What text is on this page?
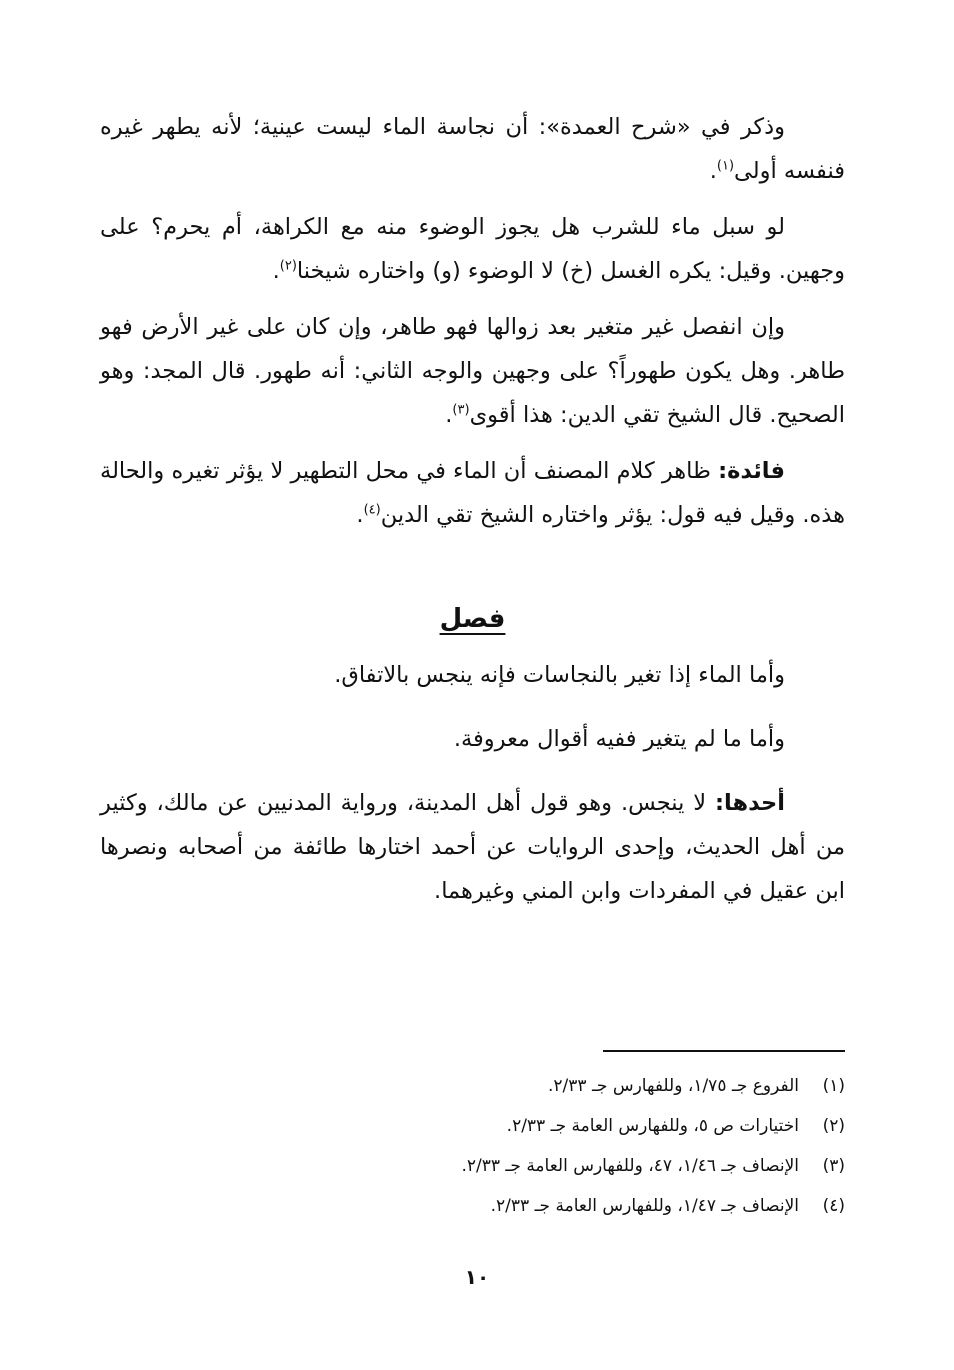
وذكر في «شرح العمدة»: أن نجاسة الماء ليست عينية؛ لأنه يطهر غيره فنفسه أولى$^{(١)}$.

لو سبل ماء للشرب هل يجوز الوضوء منه مع الكراهة، أم يحرم؟ على وجهين. وقيل: يكره الغسل (خ) لا الوضوء (و) واختاره شيخنا$^{(٢)}$.

وإن انفصل غير متغير بعد زوالها فهو طاهر، وإن كان على غير الأرض فهو طاهر. وهل يكون طهوراً؟ على وجهين والوجه الثاني: أنه طهور. قال المجد: وهو الصحيح. قال الشيخ تقي الدين: هذا أقوى$^{(٣)}$.

فائدة: ظاهر كلام المصنف أن الماء في محل التطهير لا يؤثر تغيره والحالة هذه. وقيل فيه قول: يؤثر واختاره الشيخ تقي الدين$^{(٤)}$.

فصل

وأما الماء إذا تغير بالنجاسات فإنه ينجس بالاتفاق.

وأما ما لم يتغير ففيه أقوال معروفة.

أحدها: لا ينجس. وهو قول أهل المدينة، ورواية المدنيين عن مالك، وكثير من أهل الحديث، وإحدى الروايات عن أحمد اختارها طائفة من أصحابه ونصرها ابن عقيل في المفردات وابن المني وغيرهما.

(١)
الفروع جـ ١/٧٥، وللفهارس جـ ٢/٣٣.
(٢)
اختيارات ص ٥، وللفهارس العامة جـ ٢/٣٣.
(٣)
الإنصاف جـ ١/٤٦، ٤٧، وللفهارس العامة جـ ٢/٣٣.
(٤)
الإنصاف جـ ١/٤٧، وللفهارس العامة جـ ٢/٣٣.
١٠
